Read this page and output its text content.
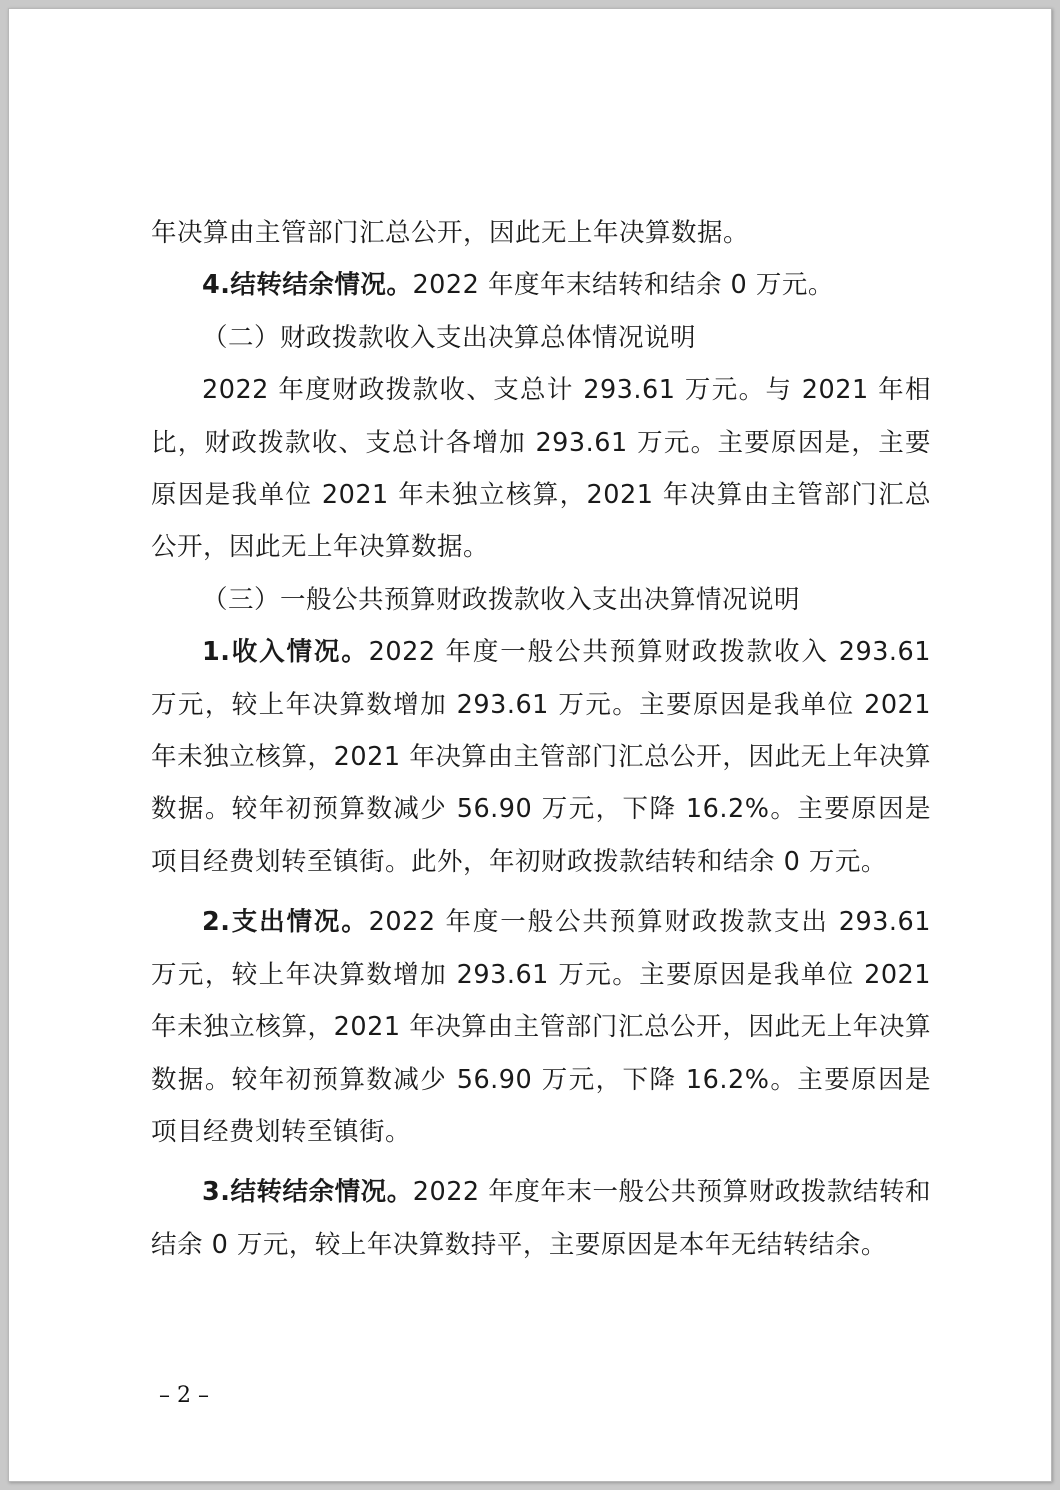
年决算由主管部门汇总公开，因此无上年决算数据。

4.结转结余情况。2022 年度年末结转和结余 0 万元。

（二）财政拨款收入支出决算总体情况说明

2022 年度财政拨款收、支总计 293.61 万元。与 2021 年相比，财政拨款收、支总计各增加 293.61 万元。主要原因是，主要原因是我单位 2021 年未独立核算，2021 年决算由主管部门汇总公开，因此无上年决算数据。

（三）一般公共预算财政拨款收入支出决算情况说明

1.收入情况。2022 年度一般公共预算财政拨款收入 293.61 万元，较上年决算数增加 293.61 万元。主要原因是我单位 2021 年未独立核算，2021 年决算由主管部门汇总公开，因此无上年决算数据。较年初预算数减少 56.90 万元，下降 16.2%。主要原因是项目经费划转至镇街。此外，年初财政拨款结转和结余 0 万元。

2.支出情况。2022 年度一般公共预算财政拨款支出 293.61 万元，较上年决算数增加 293.61 万元。主要原因是我单位 2021 年未独立核算，2021 年决算由主管部门汇总公开，因此无上年决算数据。较年初预算数减少 56.90 万元，下降 16.2%。主要原因是项目经费划转至镇街。

3.结转结余情况。2022 年度年末一般公共预算财政拨款结转和结余 0 万元，较上年决算数持平，主要原因是本年无结转结余。

– 2 –
